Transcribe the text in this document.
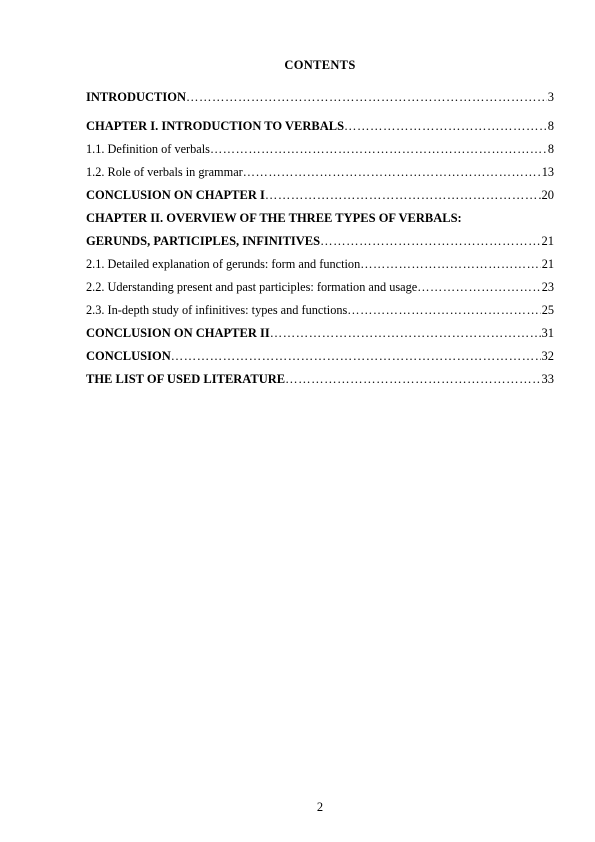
CONTENTS
INTRODUCTION …………………………………………………………………………………………………………………………………………………………………	3
CHAPTER I. INTRODUCTION TO VERBALS …………………………………………………………………………………………………………………………………………………………………	8
1.1. Definition of verbals …………………………………………………………………………………………………………………………………………………………………	8
1.2. Role of verbals in grammar …………………………………………………………………………………………………………………………………………………………………	13
CONCLUSION ON CHAPTER I …………………………………………………………………………………………………………………………………………………………………	20
CHAPTER II. OVERVIEW OF THE THREE TYPES OF VERBALS:
GERUNDS, PARTICIPLES, INFINITIVES …………………………………………………………………………………………………………………………………………………………………	21
2.1. Detailed explanation of gerunds: form and function …………………………………………………………………………………………………………………………………………………………………	21
2.2. Uderstanding present and past participles: formation and usage …………………………………………………………………………………………………………………………………………………………………	23
2.3. In-depth study of infinitives: types and functions …………………………………………………………………………………………………………………………………………………………………	25
CONCLUSION ON CHAPTER II …………………………………………………………………………………………………………………………………………………………………	31
CONCLUSION …………………………………………………………………………………………………………………………………………………………………	32
THE LIST OF USED LITERATURE …………………………………………………………………………………………………………………………………………………………………	33
2
